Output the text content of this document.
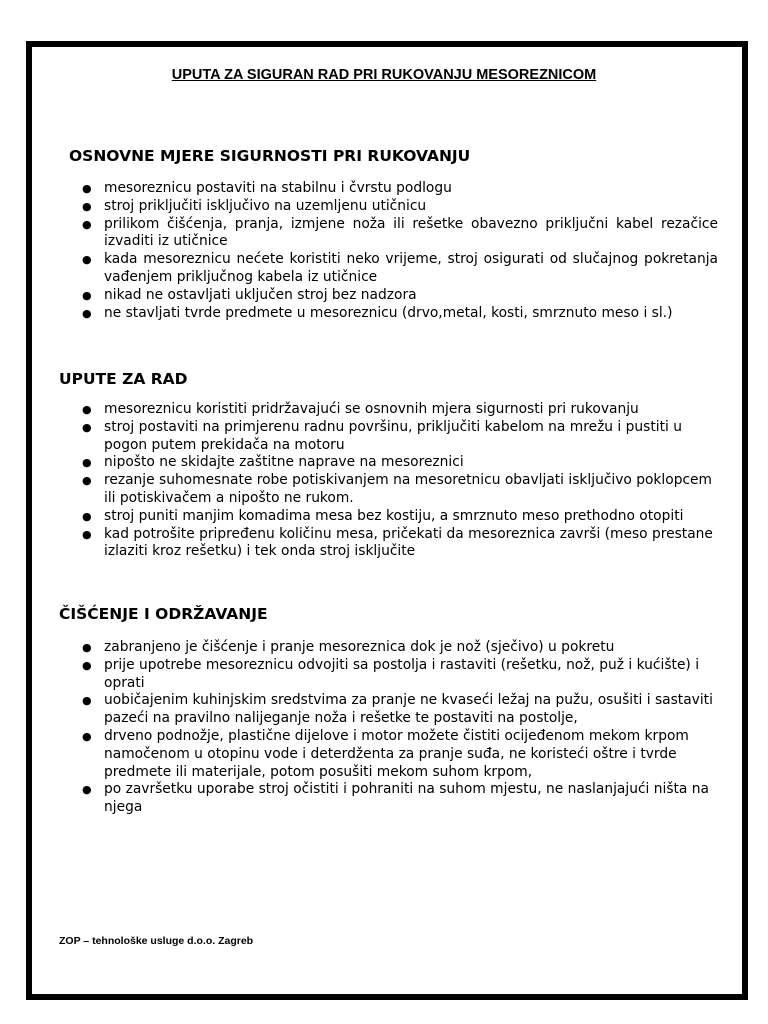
UPUTA ZA SIGURAN RAD PRI RUKOVANJU MESOREZNICOM
OSNOVNE MJERE SIGURNOSTI PRI RUKOVANJU
● mesoreznicu postaviti na stabilnu i čvrstu podlogu
● stroj priključiti isključivo na uzemljenu utičnicu
● prilikom čišćenja, pranja, izmjene noža ili rešetke obavezno priključni kabel rezačice izvaditi iz utičnice
● kada mesoreznicu nećete koristiti neko vrijeme, stroj osigurati od slučajnog pokretanja vađenjem priključnog kabela iz utičnice
● nikad ne ostavljati uključen stroj bez nadzora
● ne stavljati tvrde predmete u mesoreznicu (drvo,metal, kosti, smrznuto meso i sl.)
UPUTE ZA RAD
● mesoreznicu koristiti pridržavajući se osnovnih mjera sigurnosti pri rukovanju
● stroj postaviti na primjerenu radnu površinu, priključiti kabelom na mrežu i pustiti u pogon putem prekidača na motoru
● nipošto ne skidajte zaštitne naprave na mesoreznici
● rezanje suhomesnate robe potiskivanjem na mesoretnicu obavljati isključivo poklopcem ili potiskivačem a nipošto ne rukom.
● stroj puniti manjim komadima mesa bez kostiju, a smrznuto meso prethodno otopiti
● kad potrošite pripređenu količinu mesa, pričekati da mesoreznica završi (meso prestane izlaziti kroz rešetku) i tek onda stroj isključite
ČIŠĆENJE I ODRŽAVANJE
● zabranjeno je čišćenje i pranje mesoreznica dok je nož (sječivo) u pokretu
● prije upotrebe mesoreznicu odvojiti sa postolja i rastaviti (rešetku, nož, puž i kućište) i oprati
● uobičajenim kuhinjskim sredstvima za pranje ne kvaseći ležaj na pužu, osušiti i sastaviti pazeći na pravilno nalijeganje noža i rešetke te postaviti na postolje,
● drveno podnožje, plastične dijelove i motor možete čistiti ocijeđenom mekom krpom namočenom u otopinu vode i deterdženta za pranje suđa, ne koristeći oštre i tvrde predmete ili materijale, potom posušiti mekom suhom krpom,
● po završetku uporabe stroj očistiti i pohraniti na suhom mjestu, ne naslanjajući ništa na njega
ZOP – tehnološke usluge d.o.o. Zagreb
